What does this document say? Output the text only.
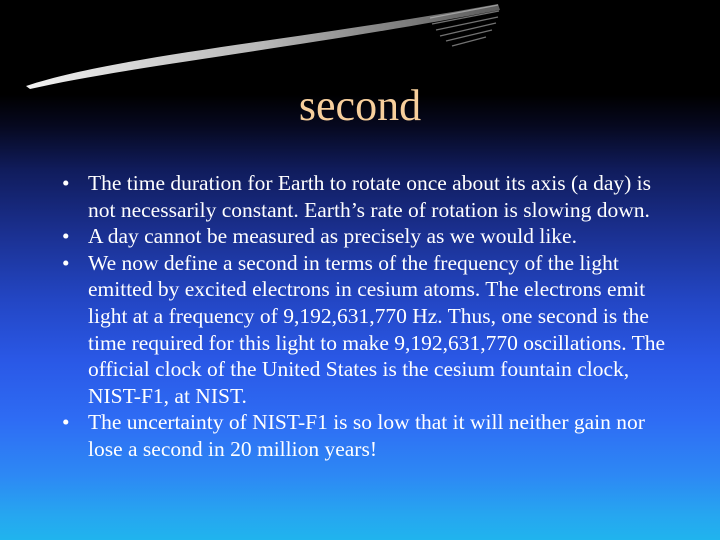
second
• The time duration for Earth to rotate once about its axis (a day) is not necessarily constant. Earth’s rate of rotation is slowing down.
• A day cannot be measured as precisely as we would like.
• We now define a second in terms of the frequency of the light emitted by excited electrons in cesium atoms. The electrons emit light at a frequency of 9,192,631,770 Hz. Thus, one second is the time required for this light to make 9,192,631,770 oscillations. The official clock of the United States is the cesium fountain clock, NIST-F1, at NIST.
• The uncertainty of NIST-F1 is so low that it will neither gain nor lose a second in 20 million years!
